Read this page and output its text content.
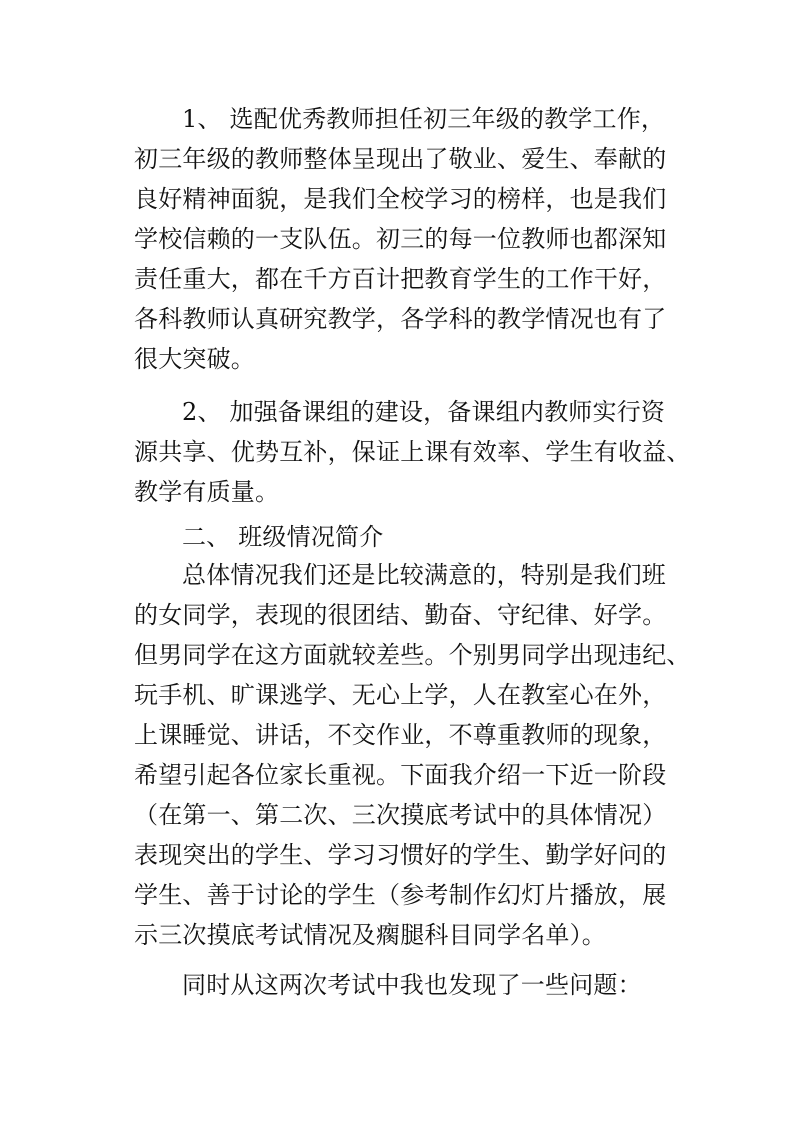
1、 选配优秀教师担任初三年级的教学工作，
初三年级的教师整体呈现出了敬业、爱生、奉献的
良好精神面貌，是我们全校学习的榜样，也是我们
学校信赖的一支队伍。初三的每一位教师也都深知
责任重大，都在千方百计把教育学生的工作干好，
各科教师认真研究教学，各学科的教学情况也有了
很大突破。
2、 加强备课组的建设，备课组内教师实行资
源共享、优势互补，保证上课有效率、学生有收益、
教学有质量。
二、 班级情况简介
总体情况我们还是比较满意的，特别是我们班
的女同学，表现的很团结、勤奋、守纪律、好学。
但男同学在这方面就较差些。个别男同学出现违纪、
玩手机、旷课逃学、无心上学，人在教室心在外，
上课睡觉、讲话，不交作业，不尊重教师的现象，
希望引起各位家长重视。下面我介绍一下近一阶段
（在第一、第二次、三次摸底考试中的具体情况）
表现突出的学生、学习习惯好的学生、勤学好问的
学生、善于讨论的学生（参考制作幻灯片播放，展
示三次摸底考试情况及瘸腿科目同学名单）。
同时从这两次考试中我也发现了一些问题：
